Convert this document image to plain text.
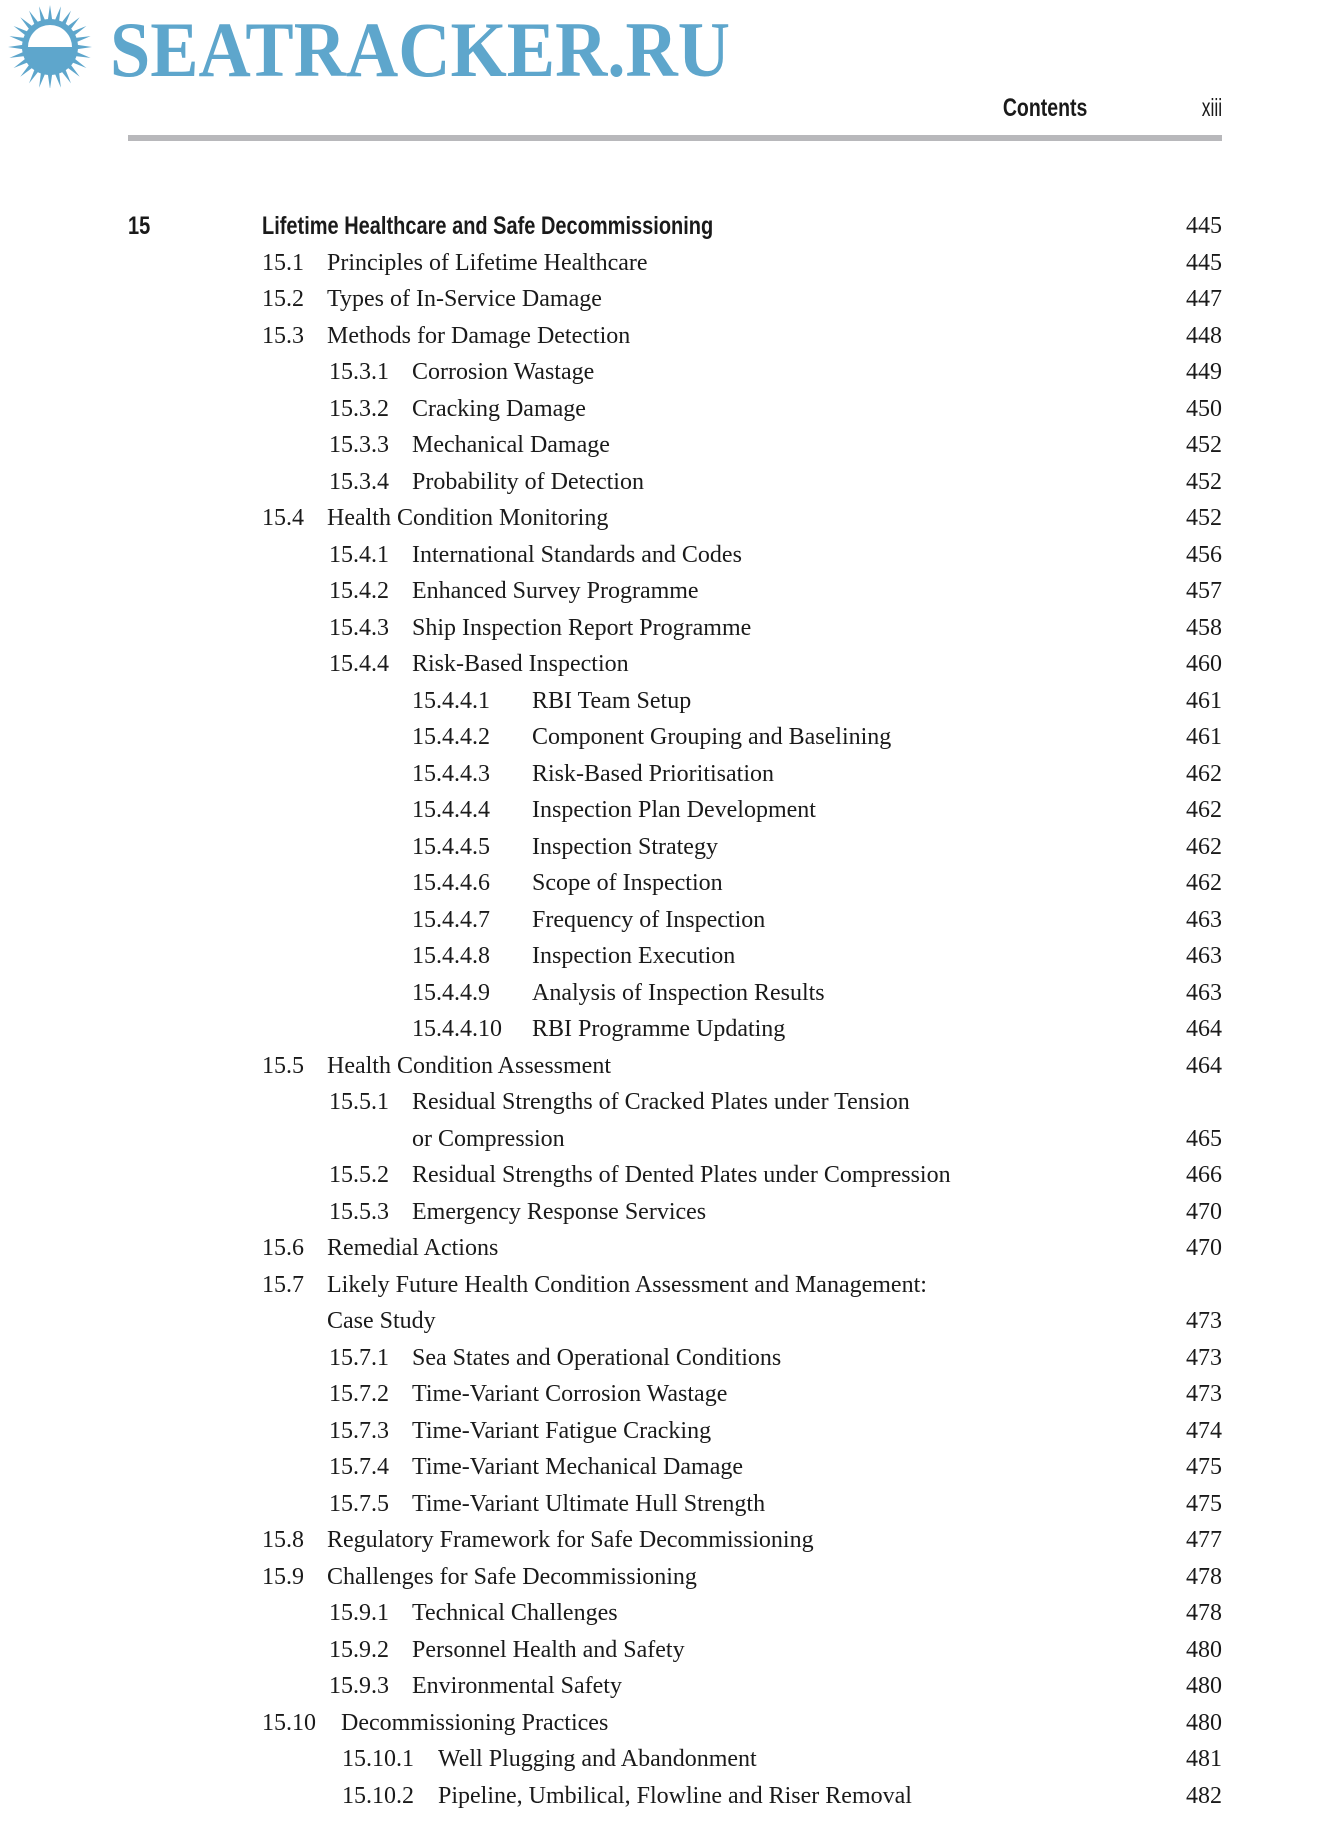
SEATRACKER.RU
Contents	xiii
15	Lifetime Healthcare and Safe Decommissioning	445
15.1 Principles of Lifetime Healthcare	445
15.2 Types of In-Service Damage	447
15.3 Methods for Damage Detection	448
15.3.1 Corrosion Wastage	449
15.3.2 Cracking Damage	450
15.3.3 Mechanical Damage	452
15.3.4 Probability of Detection	452
15.4 Health Condition Monitoring	452
15.4.1 International Standards and Codes	456
15.4.2 Enhanced Survey Programme	457
15.4.3 Ship Inspection Report Programme	458
15.4.4 Risk-Based Inspection	460
15.4.4.1 RBI Team Setup	461
15.4.4.2 Component Grouping and Baselining	461
15.4.4.3 Risk-Based Prioritisation	462
15.4.4.4 Inspection Plan Development	462
15.4.4.5 Inspection Strategy	462
15.4.4.6 Scope of Inspection	462
15.4.4.7 Frequency of Inspection	463
15.4.4.8 Inspection Execution	463
15.4.4.9 Analysis of Inspection Results	463
15.4.4.10 RBI Programme Updating	464
15.5 Health Condition Assessment	464
15.5.1 Residual Strengths of Cracked Plates under Tension
or Compression	465
15.5.2 Residual Strengths of Dented Plates under Compression	466
15.5.3 Emergency Response Services	470
15.6 Remedial Actions	470
15.7 Likely Future Health Condition Assessment and Management:
Case Study	473
15.7.1 Sea States and Operational Conditions	473
15.7.2 Time-Variant Corrosion Wastage	473
15.7.3 Time-Variant Fatigue Cracking	474
15.7.4 Time-Variant Mechanical Damage	475
15.7.5 Time-Variant Ultimate Hull Strength	475
15.8 Regulatory Framework for Safe Decommissioning	477
15.9 Challenges for Safe Decommissioning	478
15.9.1 Technical Challenges	478
15.9.2 Personnel Health and Safety	480
15.9.3 Environmental Safety	480
15.10 Decommissioning Practices	480
15.10.1 Well Plugging and Abandonment	481
15.10.2 Pipeline, Umbilical, Flowline and Riser Removal	482
